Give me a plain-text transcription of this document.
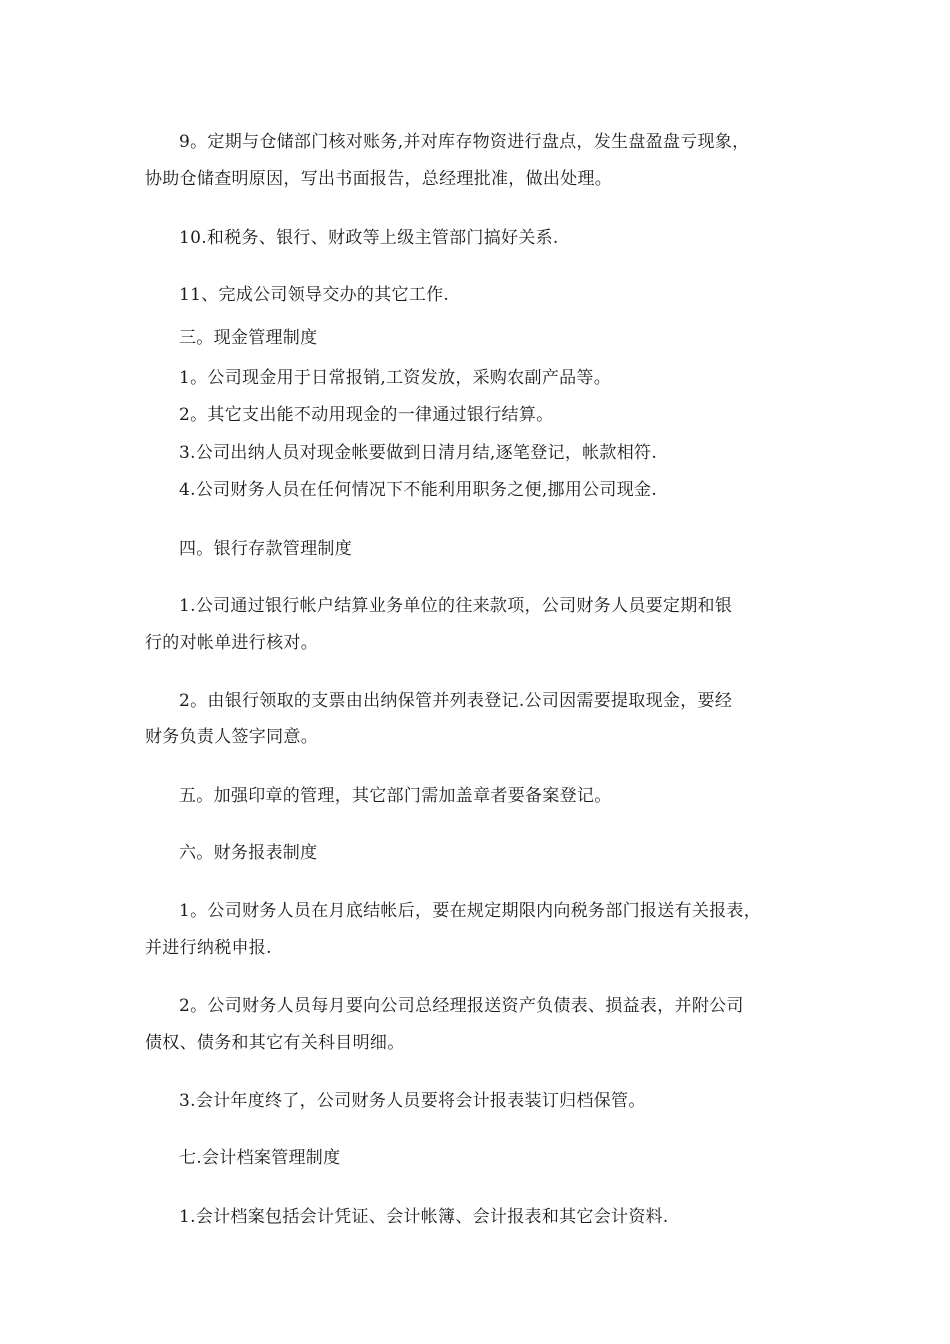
9。定期与仓储部门核对账务,并对库存物资进行盘点，发生盘盈盘亏现象，
协助仓储查明原因，写出书面报告，总经理批准，做出处理。
10.和税务、银行、财政等上级主管部门搞好关系.
11、完成公司领导交办的其它工作.
三。现金管理制度
1。公司现金用于日常报销,工资发放，采购农副产品等。
2。其它支出能不动用现金的一律通过银行结算。
3.公司出纳人员对现金帐要做到日清月结,逐笔登记，帐款相符.
4.公司财务人员在任何情况下不能利用职务之便,挪用公司现金.
四。银行存款管理制度
1.公司通过银行帐户结算业务单位的往来款项，公司财务人员要定期和银
行的对帐单进行核对。
2。由银行领取的支票由出纳保管并列表登记.公司因需要提取现金，要经
财务负责人签字同意。
五。加强印章的管理，其它部门需加盖章者要备案登记。
六。财务报表制度
1。公司财务人员在月底结帐后，要在规定期限内向税务部门报送有关报表，
并进行纳税申报.
2。公司财务人员每月要向公司总经理报送资产负债表、损益表，并附公司
债权、债务和其它有关科目明细。
3.会计年度终了，公司财务人员要将会计报表装订归档保管。
七.会计档案管理制度
1.会计档案包括会计凭证、会计帐簿、会计报表和其它会计资料.
